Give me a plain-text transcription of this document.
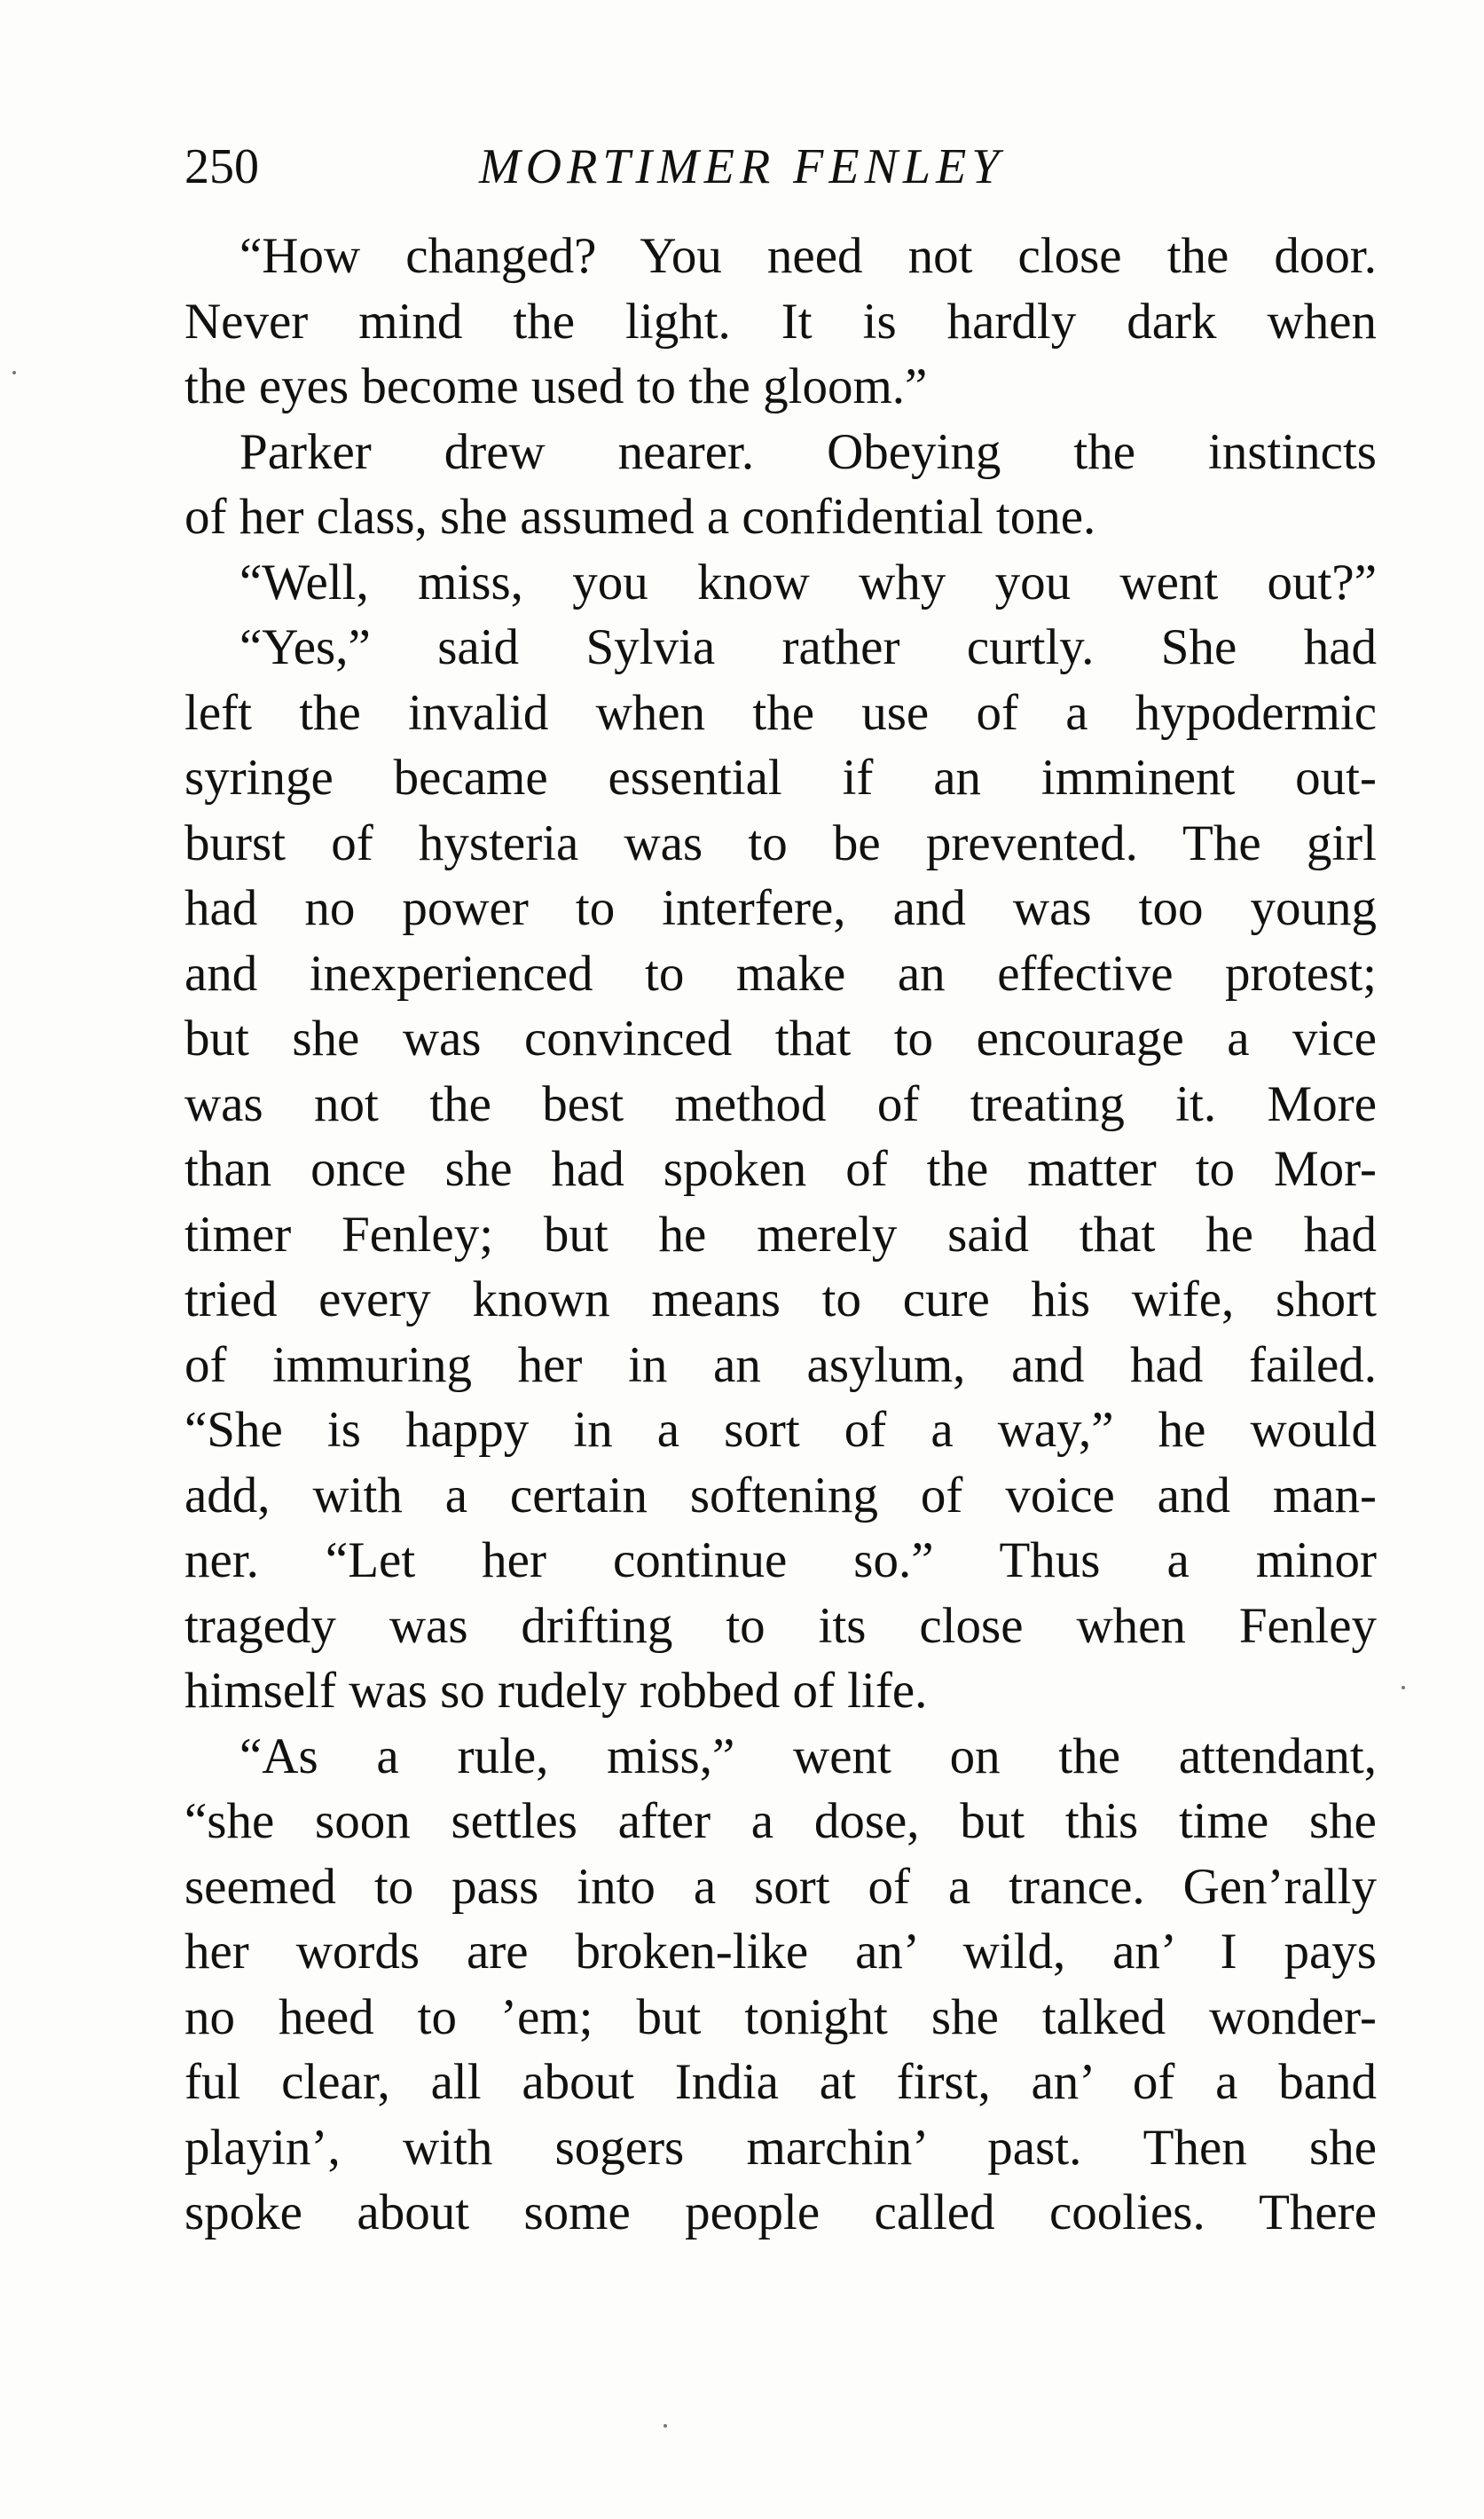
250	MORTIMER FENLEY
“How changed? You need not close the door.
Never mind the light. It is hardly dark when
the eyes become used to the gloom.”
Parker drew nearer. Obeying the instincts
of her class, she assumed a confidential tone.
“Well, miss, you know why you went out?”
“Yes,” said Sylvia rather curtly. She had
left the invalid when the use of a hypodermic
syringe became essential if an imminent out-
burst of hysteria was to be prevented. The girl
had no power to interfere, and was too young
and inexperienced to make an effective protest;
but she was convinced that to encourage a vice
was not the best method of treating it. More
than once she had spoken of the matter to Mor-
timer Fenley; but he merely said that he had
tried every known means to cure his wife, short
of immuring her in an asylum, and had failed.
“She is happy in a sort of a way,” he would
add, with a certain softening of voice and man-
ner. “Let her continue so.” Thus a minor
tragedy was drifting to its close when Fenley
himself was so rudely robbed of life.
“As a rule, miss,” went on the attendant,
“she soon settles after a dose, but this time she
seemed to pass into a sort of a trance. Gen’rally
her words are broken-like an’ wild, an’ I pays
no heed to ’em; but tonight she talked wonder-
ful clear, all about India at first, an’ of a band
playin’, with sogers marchin’ past. Then she
spoke about some people called coolies. There
